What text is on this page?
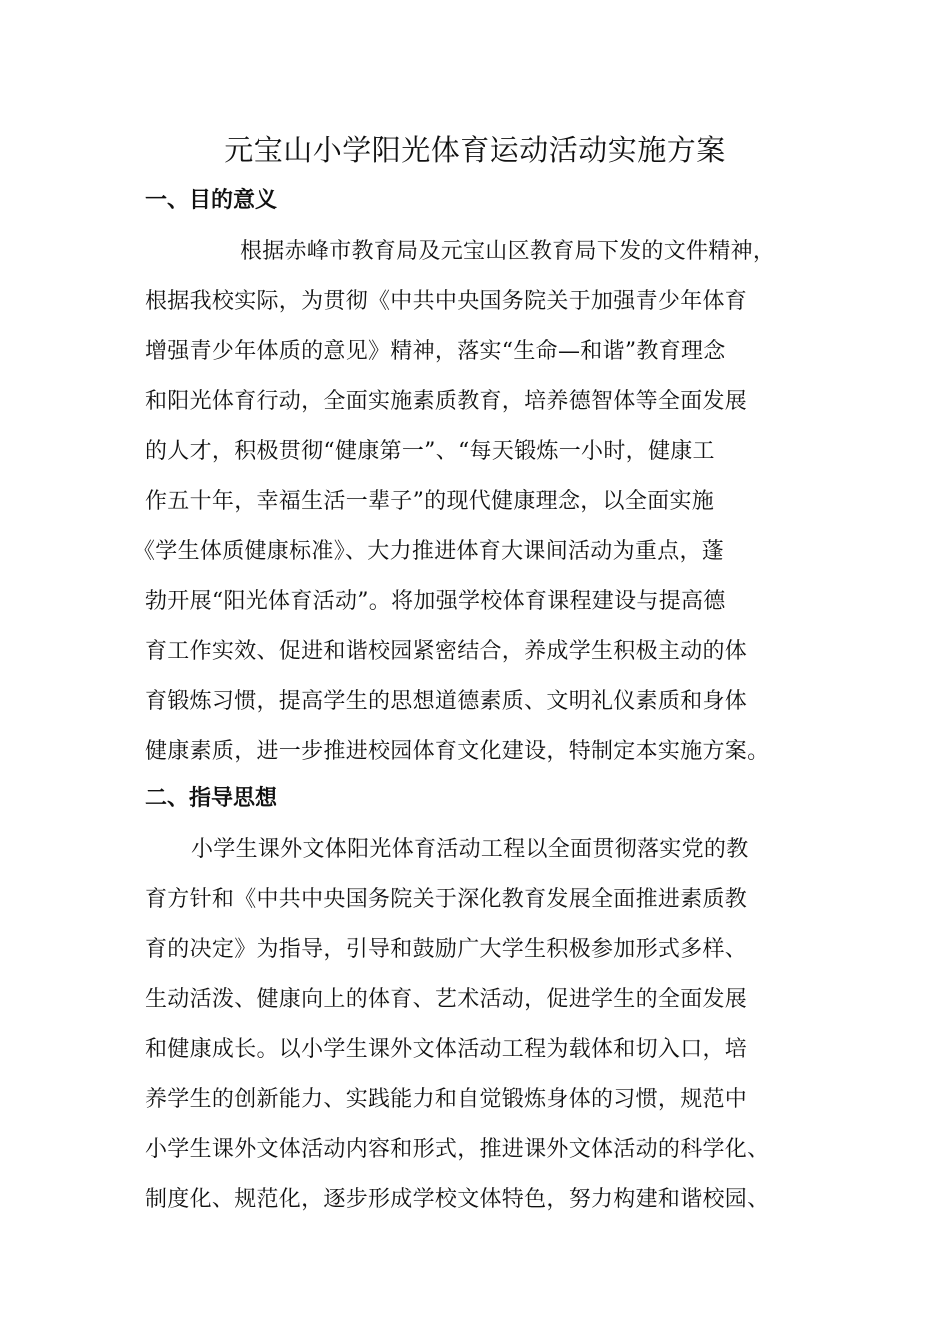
元宝山小学阳光体育运动活动实施方案
一、目的意义
根据赤峰市教育局及元宝山区教育局下发的文件精神，
根据我校实际，为贯彻《中共中央国务院关于加强青少年体育
增强青少年体质的意见》精神，落实“生命—和谐”教育理念
和阳光体育行动，全面实施素质教育，培养德智体等全面发展
的人才，积极贯彻“健康第一”、“每天锻炼一小时，健康工
作五十年，幸福生活一辈子”的现代健康理念，以全面实施
《学生体质健康标准》、大力推进体育大课间活动为重点，蓬
勃开展“阳光体育活动”。将加强学校体育课程建设与提高德
育工作实效、促进和谐校园紧密结合，养成学生积极主动的体
育锻炼习惯，提高学生的思想道德素质、文明礼仪素质和身体
健康素质，进一步推进校园体育文化建设，特制定本实施方案。
二、指导思想
小学生课外文体阳光体育活动工程以全面贯彻落实党的教
育方针和《中共中央国务院关于深化教育发展全面推进素质教
育的决定》为指导，引导和鼓励广大学生积极参加形式多样、
生动活泼、健康向上的体育、艺术活动，促进学生的全面发展
和健康成长。以小学生课外文体活动工程为载体和切入口，培
养学生的创新能力、实践能力和自觉锻炼身体的习惯，规范中
小学生课外文体活动内容和形式，推进课外文体活动的科学化、
制度化、规范化，逐步形成学校文体特色，努力构建和谐校园、
